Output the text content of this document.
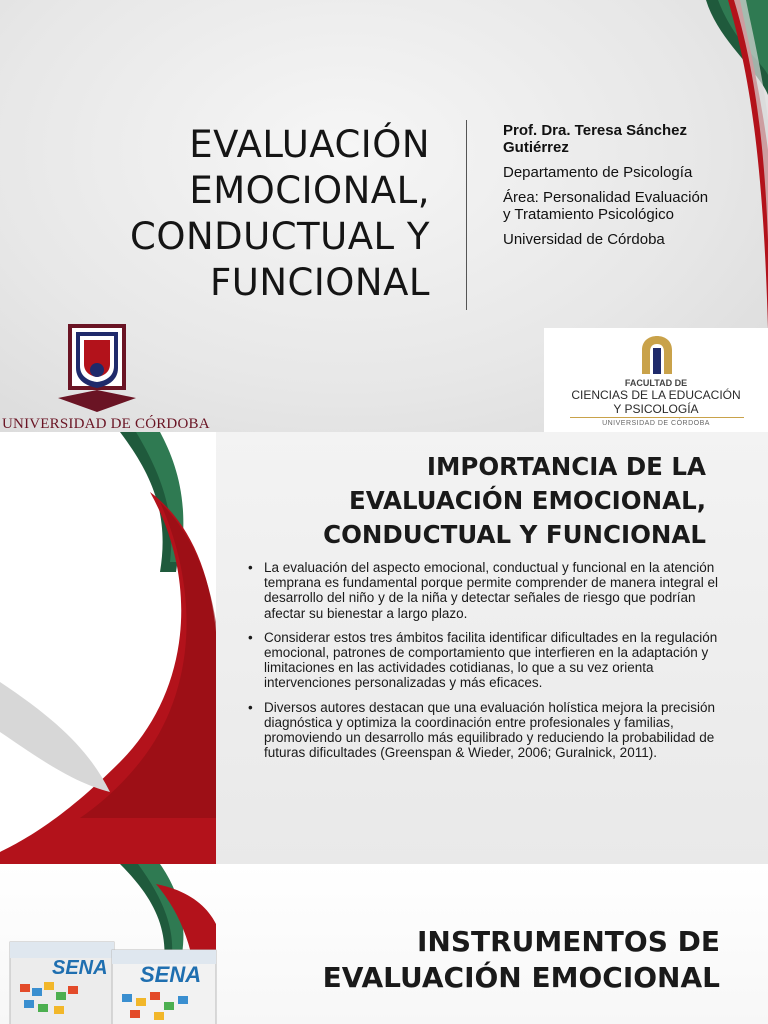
EVALUACIÓN EMOCIONAL, CONDUCTUAL Y FUNCIONAL

Prof. Dra. Teresa Sánchez Gutiérrez

Departamento de Psicología

Área: Personalidad Evaluación y Tratamiento Psicológico

Universidad de Córdoba

UNIVERSIDAD DE CÓRDOBA
FACULTAD DE
CIENCIAS DE LA EDUCACIÓN
Y PSICOLOGÍA
UNIVERSIDAD DE CÓRDOBA
IMPORTANCIA DE LA EVALUACIÓN EMOCIONAL, CONDUCTUAL Y FUNCIONAL
• La evaluación del aspecto emocional, conductual y funcional en la atención temprana es fundamental porque permite comprender de manera integral el desarrollo del niño y de la niña y detectar señales de riesgo que podrían afectar su bienestar a largo plazo.
• Considerar estos tres ámbitos facilita identificar dificultades en la regulación emocional, patrones de comportamiento que interfieren en la adaptación y limitaciones en las actividades cotidianas, lo que a su vez orienta intervenciones personalizadas y más eficaces.
• Diversos autores destacan que una evaluación holística mejora la precisión diagnóstica y optimiza la coordinación entre profesionales y familias, promoviendo un desarrollo más equilibrado y reduciendo la probabilidad de futuras dificultades (Greenspan & Wieder, 2006; Guralnick, 2011).
INSTRUMENTOS DE EVALUACIÓN EMOCIONAL
SENA SENA
